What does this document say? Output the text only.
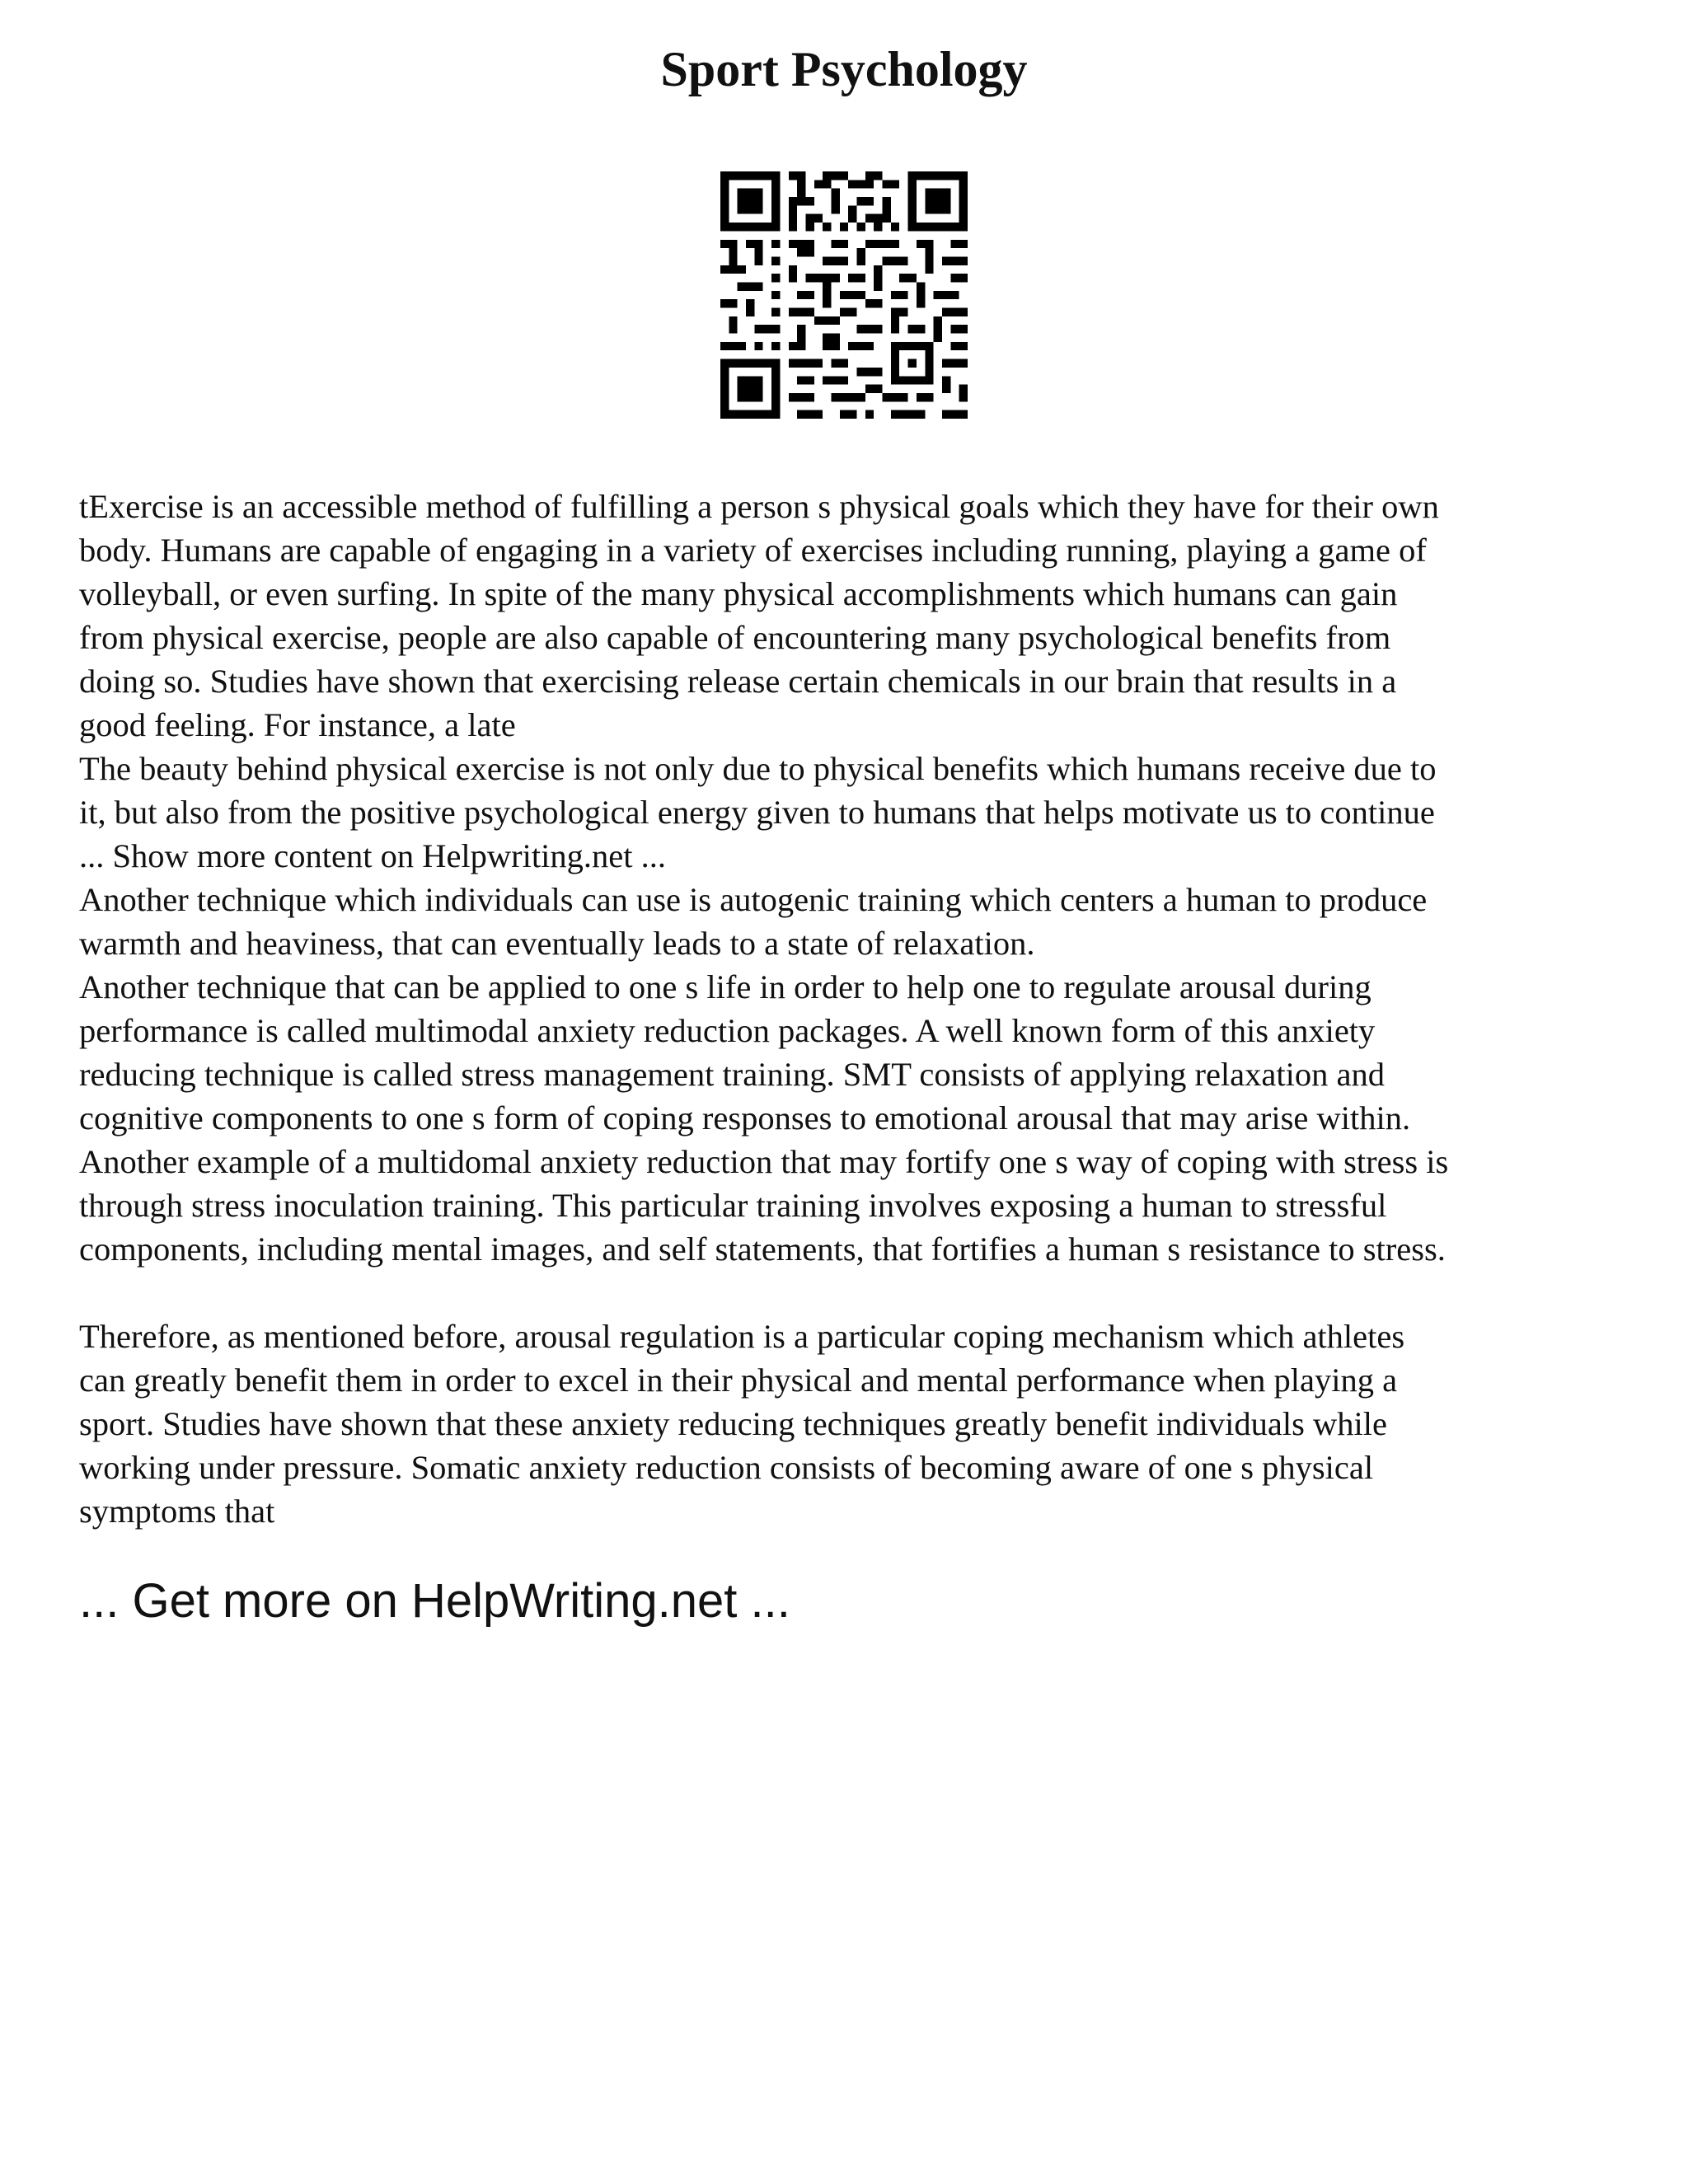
Sport Psychology
tExercise is an accessible method of fulfilling a person s physical goals which they have for their own
body. Humans are capable of engaging in a variety of exercises including running, playing a game of
volleyball, or even surfing. In spite of the many physical accomplishments which humans can gain
from physical exercise, people are also capable of encountering many psychological benefits from
doing so. Studies have shown that exercising release certain chemicals in our brain that results in a
good feeling. For instance, a late
The beauty behind physical exercise is not only due to physical benefits which humans receive due to
it, but also from the positive psychological energy given to humans that helps motivate us to continue
... Show more content on Helpwriting.net ...
Another technique which individuals can use is autogenic training which centers a human to produce
warmth and heaviness, that can eventually leads to a state of relaxation.
Another technique that can be applied to one s life in order to help one to regulate arousal during
performance is called multimodal anxiety reduction packages. A well known form of this anxiety
reducing technique is called stress management training. SMT consists of applying relaxation and
cognitive components to one s form of coping responses to emotional arousal that may arise within.
Another example of a multidomal anxiety reduction that may fortify one s way of coping with stress is
through stress inoculation training. This particular training involves exposing a human to stressful
components, including mental images, and self statements, that fortifies a human s resistance to stress.
Therefore, as mentioned before, arousal regulation is a particular coping mechanism which athletes
can greatly benefit them in order to excel in their physical and mental performance when playing a
sport. Studies have shown that these anxiety reducing techniques greatly benefit individuals while
working under pressure. Somatic anxiety reduction consists of becoming aware of one s physical
symptoms that
... Get more on HelpWriting.net ...
